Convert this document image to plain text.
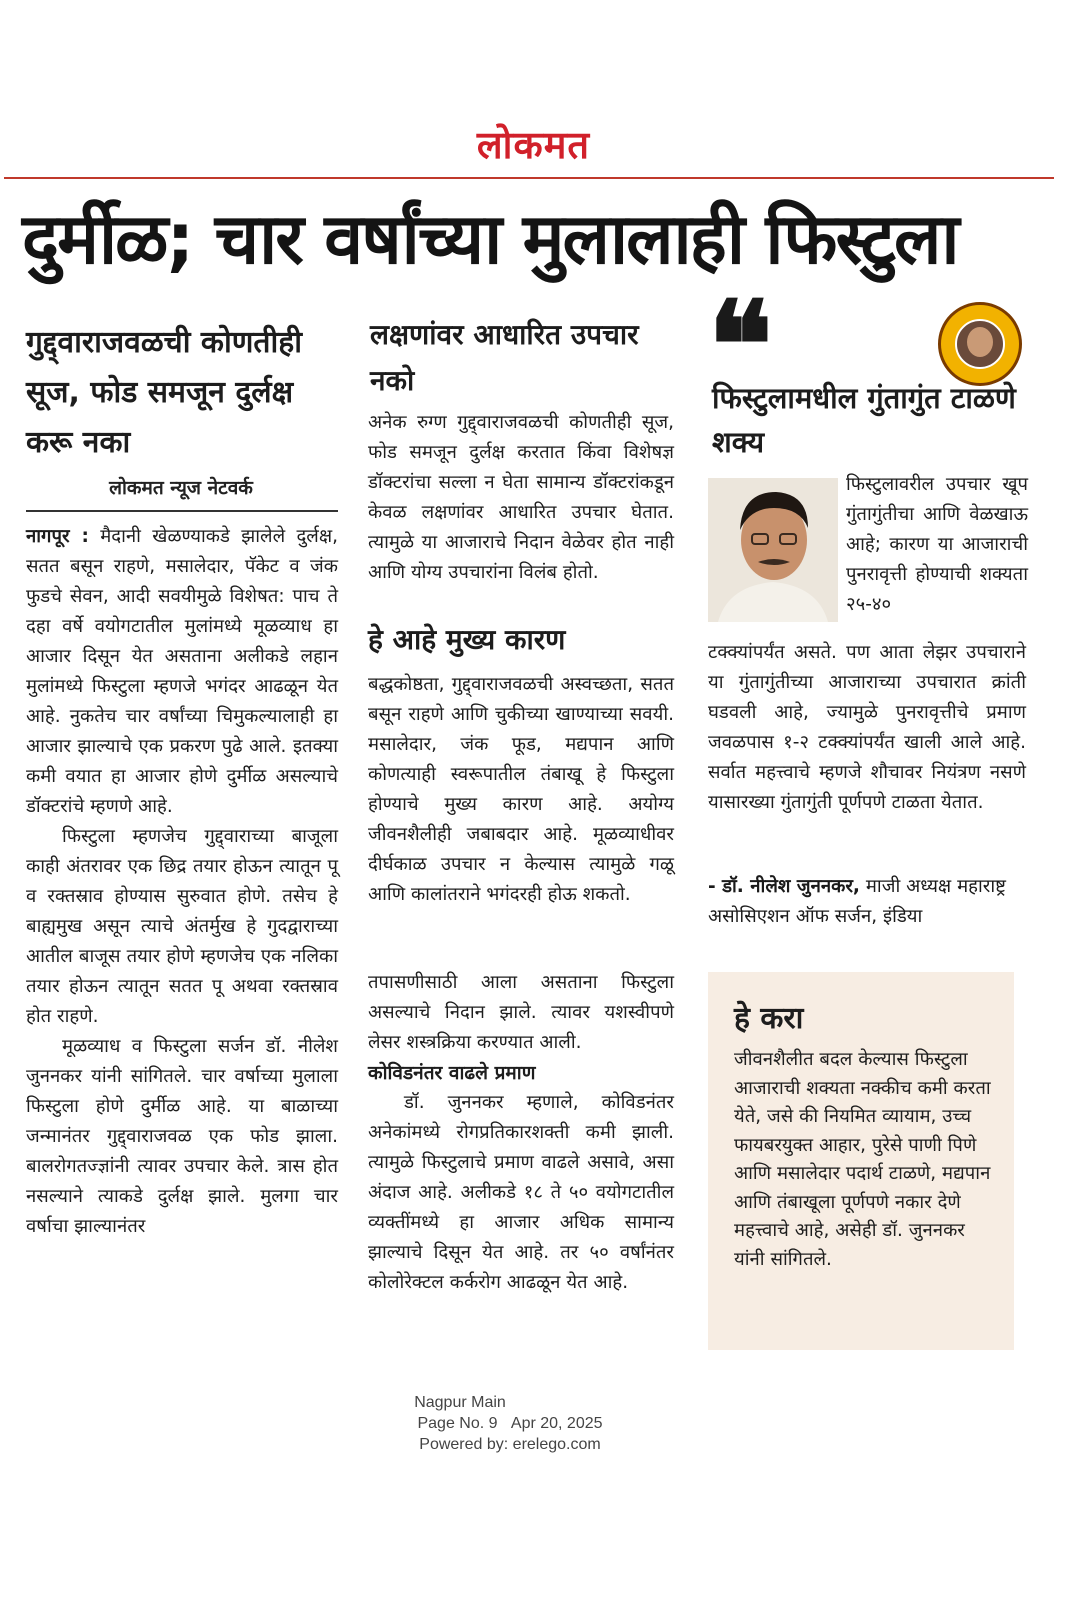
लोकमत
दुर्मीळ; चार वर्षांच्या मुलालाही फिस्टुला
गुद्द्वाराजवळची कोणतीही सूज, फोड समजून दुर्लक्ष करू नका
लोकमत न्यूज नेटवर्क

नागपूर : मैदानी खेळण्याकडे झालेले दुर्लक्ष, सतत बसून राहणे, मसालेदार, पॅकेट व जंक फुडचे सेवन, आदी सवयीमुळे विशेषत: पाच ते दहा वर्षे वयोगटातील मुलांमध्ये मूळव्याध हा आजार दिसून येत असताना अलीकडे लहान मुलांमध्ये फिस्टुला म्हणजे भगंदर आढळून येत आहे. नुकतेच चार वर्षांच्या चिमुकल्यालाही हा आजार झाल्याचे एक प्रकरण पुढे आले. इतक्या कमी वयात हा आजार होणे दुर्मीळ असल्याचे डॉक्टरांचे म्हणणे आहे.

फिस्टुला म्हणजेच गुद्द्वाराच्या बाजूला काही अंतरावर एक छिद्र तयार होऊन त्यातून पू व रक्तस्राव होण्यास सुरुवात होणे. तसेच हे बाह्यमुख असून त्याचे अंतर्मुख हे गुदद्वाराच्या आतील बाजूस तयार होणे म्हणजेच एक नलिका तयार होऊन त्यातून सतत पू अथवा रक्तस्राव होत राहणे.

मूळव्याध व फिस्टुला सर्जन डॉ. नीलेश जुननकर यांनी सांगितले. चार वर्षाच्या मुलाला फिस्टुला होणे दुर्मीळ आहे. या बाळाच्या जन्मानंतर गुद्द्वाराजवळ एक फोड झाला. बालरोगतज्ज्ञांनी त्यावर उपचार केले. त्रास होत नसल्याने त्याकडे दुर्लक्ष झाले. मुलगा चार वर्षाचा झाल्यानंतर

लक्षणांवर आधारित उपचार नको
अनेक रुग्ण गुद्द्वाराजवळची कोणतीही सूज, फोड समजून दुर्लक्ष करतात किंवा विशेषज्ञ डॉक्टरांचा सल्ला न घेता सामान्य डॉक्टरांकडून केवळ लक्षणांवर आधारित उपचार घेतात. त्यामुळे या आजाराचे निदान वेळेवर होत नाही आणि योग्य उपचारांना विलंब होतो.
हे आहे मुख्य कारण
बद्धकोष्ठता, गुद्द्वाराजवळची अस्वच्छता, सतत बसून राहणे आणि चुकीच्या खाण्याच्या सवयी. मसालेदार, जंक फूड, मद्यपान आणि कोणत्याही स्वरूपातील तंबाखू हे फिस्टुला होण्याचे मुख्य कारण आहे. अयोग्य जीवनशैलीही जबाबदार आहे. मूळव्याधीवर दीर्घकाळ उपचार न केल्यास त्यामुळे गळू आणि कालांतराने भगंदरही होऊ शकतो.

तपासणीसाठी आला असताना फिस्टुला असल्याचे निदान झाले. त्यावर यशस्वीपणे लेसर शस्त्रक्रिया करण्यात आली.

कोविडनंतर वाढले प्रमाण

डॉ. जुननकर म्हणाले, कोविडनंतर अनेकांमध्ये रोगप्रतिकारशक्ती कमी झाली. त्यामुळे फिस्टुलाचे प्रमाण वाढले असावे, असा अंदाज आहे. अलीकडे १८ ते ५० वयोगटातील व्यक्तींमध्ये हा आजार अधिक सामान्य झाल्याचे दिसून येत आहे. तर ५० वर्षांनंतर कोलोरेक्टल कर्करोग आढळून येत आहे.

❝
फिस्टुलामधील गुंतागुंत टाळणे शक्य
फिस्टुलावरील उपचार खूप गुंतागुंतीचा आणि वेळखाऊ आहे; कारण या आजाराची पुनरावृत्ती होण्याची शक्यता २५-४०
टक्क्यांपर्यंत असते. पण आता लेझर उपचाराने या गुंतागुंतीच्या आजाराच्या उपचारात क्रांती घडवली आहे, ज्यामुळे पुनरावृत्तीचे प्रमाण जवळपास १-२ टक्क्यांपर्यंत खाली आले आहे. सर्वात महत्त्वाचे म्हणजे शौचावर नियंत्रण नसणे यासारख्या गुंतागुंती पूर्णपणे टाळता येतात.
- डॉ. नीलेश जुननकर, माजी अध्यक्ष महाराष्ट्र असोसिएशन ऑफ सर्जन, इंडिया
हे करा
जीवनशैलीत बदल केल्यास फिस्टुला आजाराची शक्यता नक्कीच कमी करता येते, जसे की नियमित व्यायाम, उच्च फायबरयुक्त आहार, पुरेसे पाणी पिणे आणि मसालेदार पदार्थ टाळणे, मद्यपान आणि तंबाखूला पूर्णपणे नकार देणे महत्त्वाचे आहे, असेही डॉ. जुननकर यांनी सांगितले.
Nagpur Main
Page No. 9 Apr 20, 2025
Powered by: erelego.com
